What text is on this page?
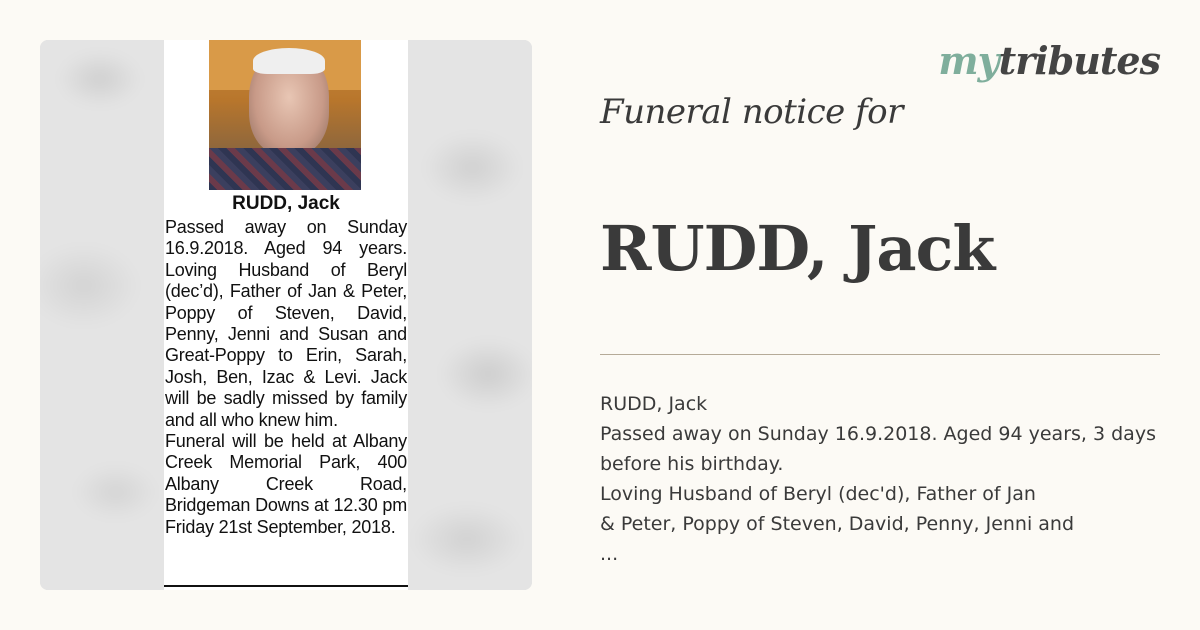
RUDD, Jack

Passed away on Sunday 16.9.2018. Aged 94 years. Loving Husband of Beryl (dec’d), Father of Jan & Peter, Poppy of Steven, David, Penny, Jenni and Susan and Great-Poppy to Erin, Sarah, Josh, Ben, Izac & Levi. Jack will be sadly missed by family and all who knew him.

Funeral will be held at Albany Creek Memorial Park, 400 Albany Creek Road, Bridgeman Downs at 12.30 pm Friday 21st September, 2018.

mytributes
Funeral notice for
RUDD, Jack
RUDD, Jack
Passed away on Sunday 16.9.2018. Aged 94 years, 3 days
before his birthday.
Loving Husband of Beryl (dec'd), Father of Jan
& Peter, Poppy of Steven, David, Penny, Jenni and
...
